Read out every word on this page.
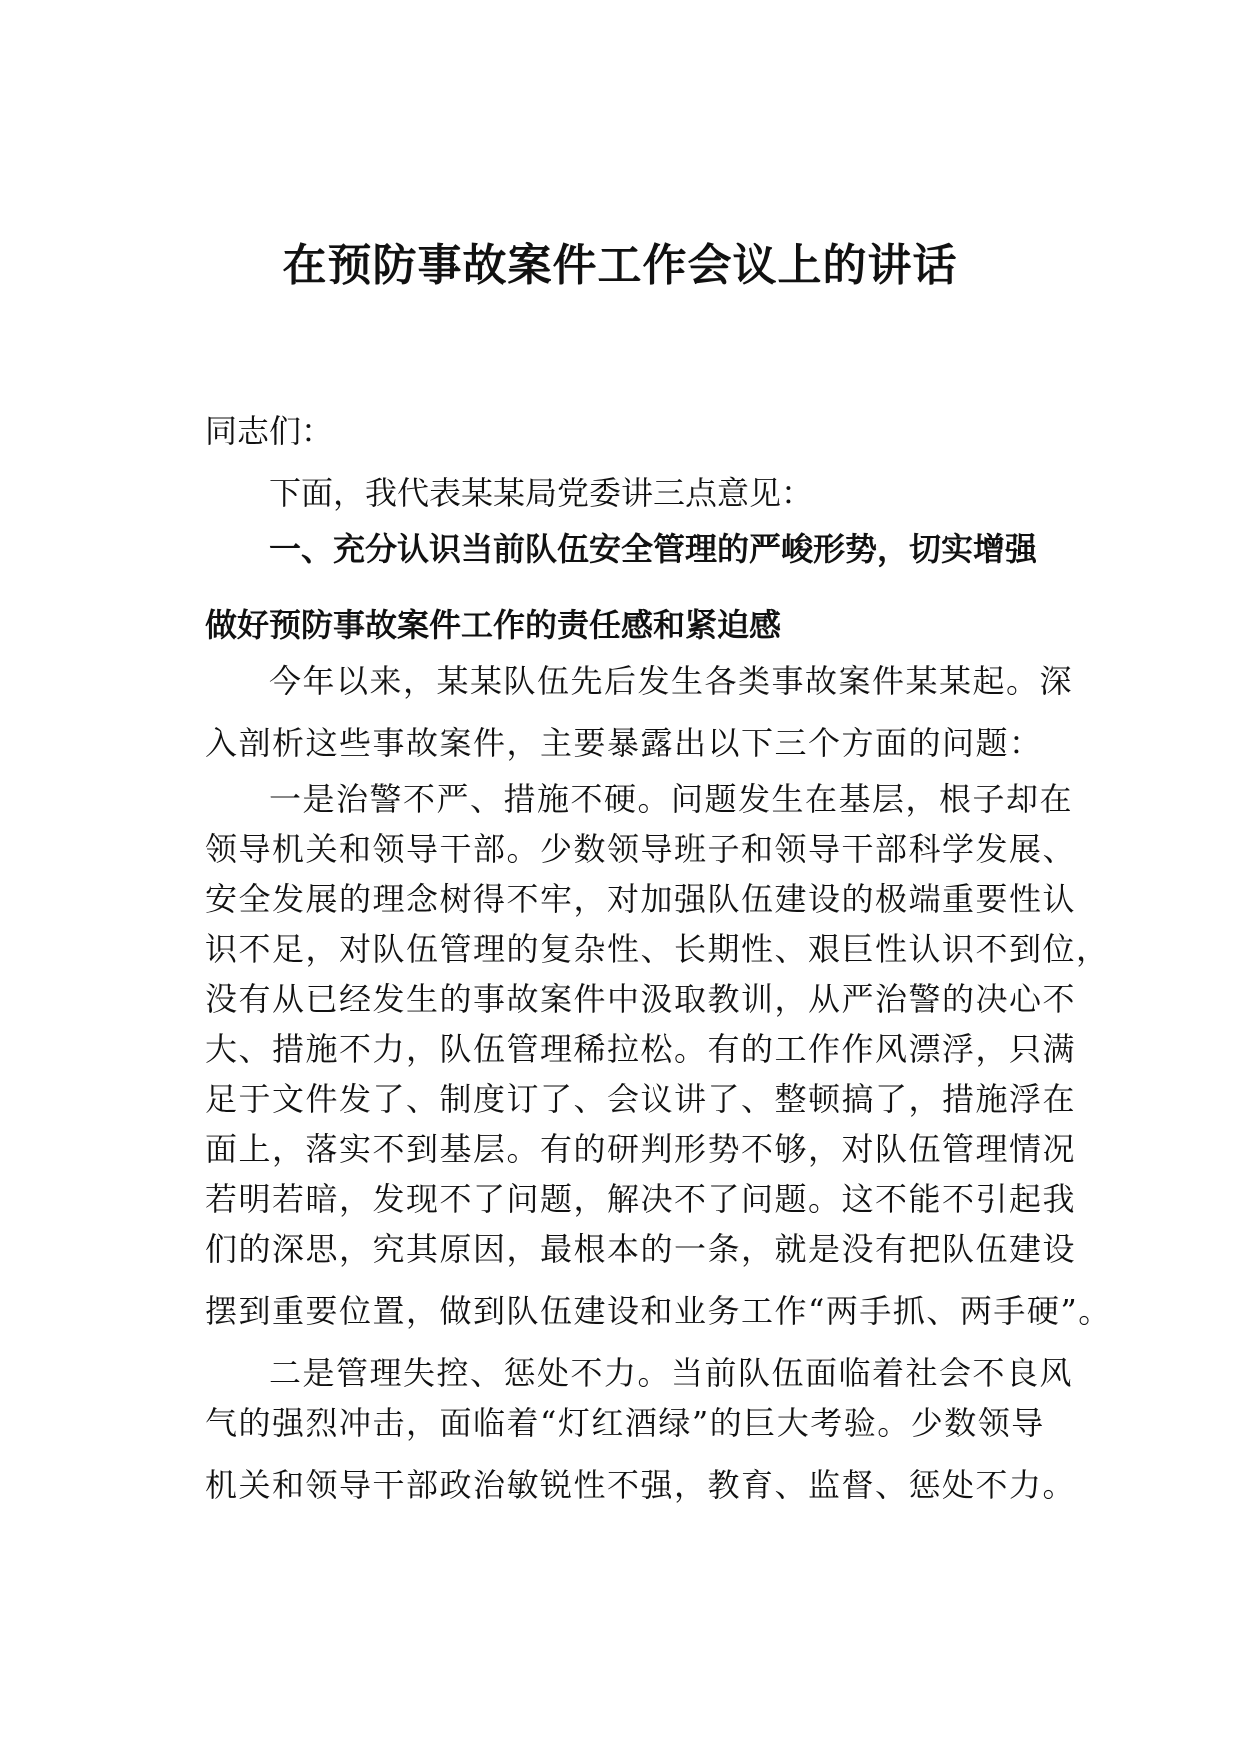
在预防事故案件工作会议上的讲话

同志们：

下面，我代表某某局党委讲三点意见：

一、充分认识当前队伍安全管理的严峻形势，切实增强

做好预防事故案件工作的责任感和紧迫感

今年以来，某某队伍先后发生各类事故案件某某起。深

入剖析这些事故案件，主要暴露出以下三个方面的问题：

一是治警不严、措施不硬。问题发生在基层，根子却在

领导机关和领导干部。少数领导班子和领导干部科学发展、

安全发展的理念树得不牢，对加强队伍建设的极端重要性认

识不足，对队伍管理的复杂性、长期性、艰巨性认识不到位，

没有从已经发生的事故案件中汲取教训，从严治警的决心不

大、措施不力，队伍管理稀拉松。有的工作作风漂浮，只满

足于文件发了、制度订了、会议讲了、整顿搞了，措施浮在

面上，落实不到基层。有的研判形势不够，对队伍管理情况

若明若暗，发现不了问题，解决不了问题。这不能不引起我

们的深思，究其原因，最根本的一条，就是没有把队伍建设

摆到重要位置，做到队伍建设和业务工作“两手抓、两手硬”。

二是管理失控、惩处不力。当前队伍面临着社会不良风

气的强烈冲击，面临着“灯红酒绿”的巨大考验。少数领导

机关和领导干部政治敏锐性不强，教育、监督、惩处不力。
